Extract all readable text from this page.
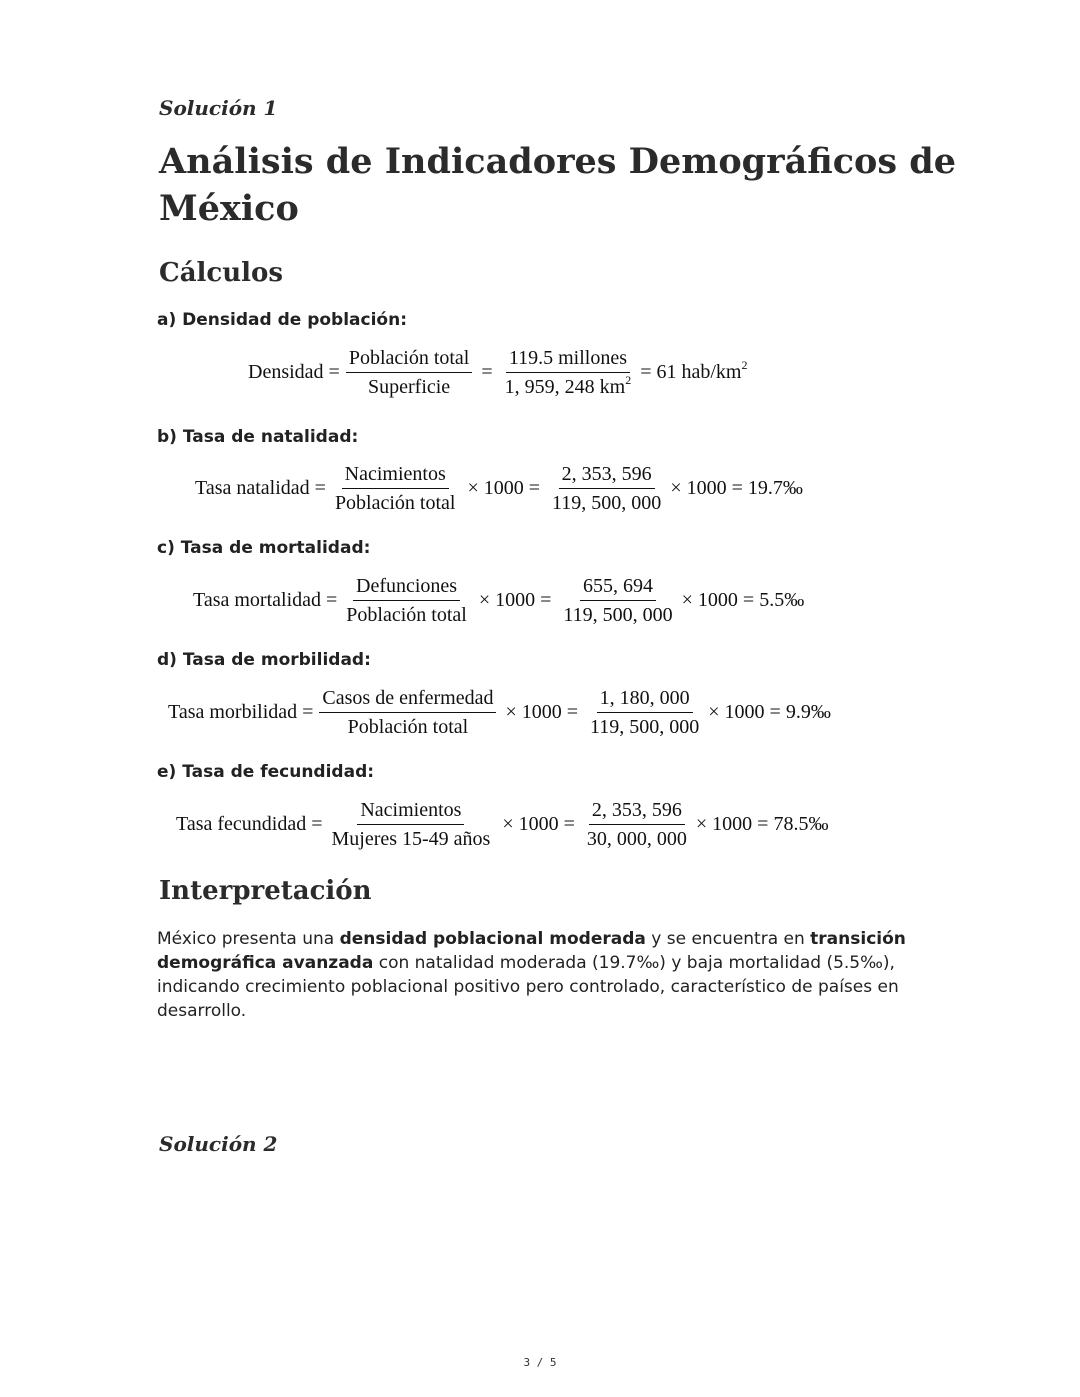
Solución 1
Análisis de Indicadores Demográficos de México
Cálculos
a) Densidad de población:
Densidad = $\frac{\text{Población total}}{\text{Superficie}} = \frac{\text{119.5 millones}}{1, 959, 248 km^2} = 61$ hab/$km^2$
b) Tasa de natalidad:
Tasa natalidad = $\frac{\text{Nacimientos}}{\text{Población total}} \times 1000 = \frac{2, 353, 596}{119, 500, 000} \times 1000$ = 19.7‰
c) Tasa de mortalidad:
Tasa mortalidad = $\frac{\text{Defunciones}}{\text{Población total}} \times 1000 = \frac{655, 694}{119, 500, 000} \times 1000$ = 5.5‰
d) Tasa de morbilidad:
Tasa morbilidad = $\frac{\text{Casos de enfermedad}}{\text{Población total}} \times 1000 = \frac{1, 180, 000}{119, 500, 000} \times 1000$ = 9.9‰
e) Tasa de fecundidad:
Tasa fecundidad = $\frac{\text{Nacimientos}}{\text{Mujeres 15-49 años}} \times 1000 = \frac{2, 353, 596}{30, 000, 000} \times 1000$ = 78.5‰
Interpretación

México presenta una densidad poblacional moderada y se encuentra en transición demográfica avanzada con natalidad moderada (19.7‰) y baja mortalidad (5.5‰), indicando crecimiento poblacional positivo pero controlado, característico de países en desarrollo.

Solución 2
3 / 5
